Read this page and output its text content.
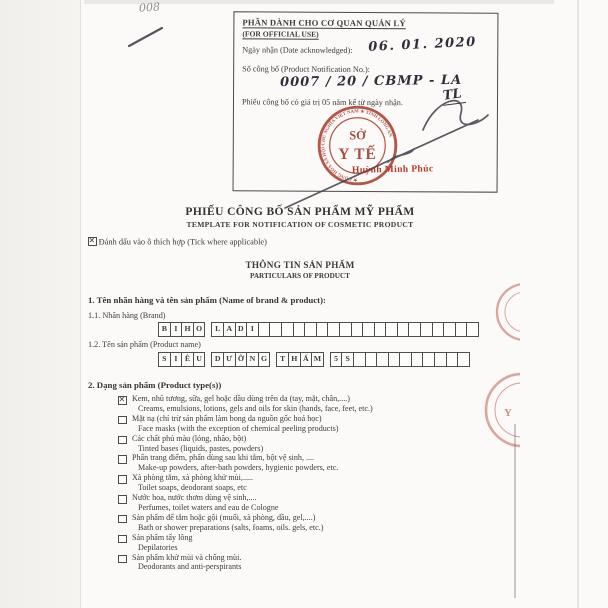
008
PHẦN DÀNH CHO CƠ QUAN QUẢN LÝ
(FOR OFFICIAL USE)
Ngày nhận (Date acknowledged): 06. 01. 2020
Số công bố (Product Notification No.):
0007 / 20 / CBMP - LA
Phiếu công bố có giá trị 05 năm kể từ ngày nhận.	TL
★ CỘNG HÒA XÃ HỘI CHỦ NGHĨA VIỆT NAM ★ TỈNH LONG AN
SỞ
Y TẾ
Huỳnh Minh Phúc
PHIẾU CÔNG BỐ SẢN PHẨM MỸ PHẨM
TEMPLATE FOR NOTIFICATION OF COSMETIC PRODUCT
✕ Đánh dấu vào ô thích hợp (Tick where applicable)
THÔNG TIN SẢN PHẨM
PARTICULARS OF PRODUCT
1. Tên nhãn hàng và tên sản phẩm (Name of brand & product):
1.1. Nhãn hàng (Brand)
B I H O	L A D I
1.2. Tên sản phẩm (Product name)
S	I Ê U	D Ư Ỡ N G	T H Ấ M	5 S
2. Dạng sản phẩm (Product type(s))
✕
Kem, nhũ tương, sữa, gel hoặc dầu dùng trên da (tay, mặt, chân,....)
Creams, emulsions, lotions, gels and oils for skin (hands, face, feet, etc.)
Mặt nạ (chỉ trừ sản phẩm làm bong da nguồn gốc hoá học)
Face masks (with the exception of chemical peeling products)
Các chất phủ màu (lỏng, nhão, bột)
Tinted bases (liquids, pastes, powders)
Phấn trang điểm, phấn dùng sau khi tắm, bột vệ sinh, ....
Make-up powders, after-bath powders, hygienic powders, etc.
Xà phòng tắm, xà phòng khử mùi,.....
Toilet soaps, deodorant soaps, etc
Nước hoa, nước thơm dùng vệ sinh,....
Perfumes, toilet waters and eau de Cologne
Sản phẩm để tắm hoặc gội (muối, xà phòng, dầu, gel,....)
Bath or shower preparations (salts, foams, oils. gels, etc.)
Sản phẩm tẩy lông
Depilatories
Sản phẩm khử mùi và chống mùi.
Deodorants and anti-perspirants
Y
